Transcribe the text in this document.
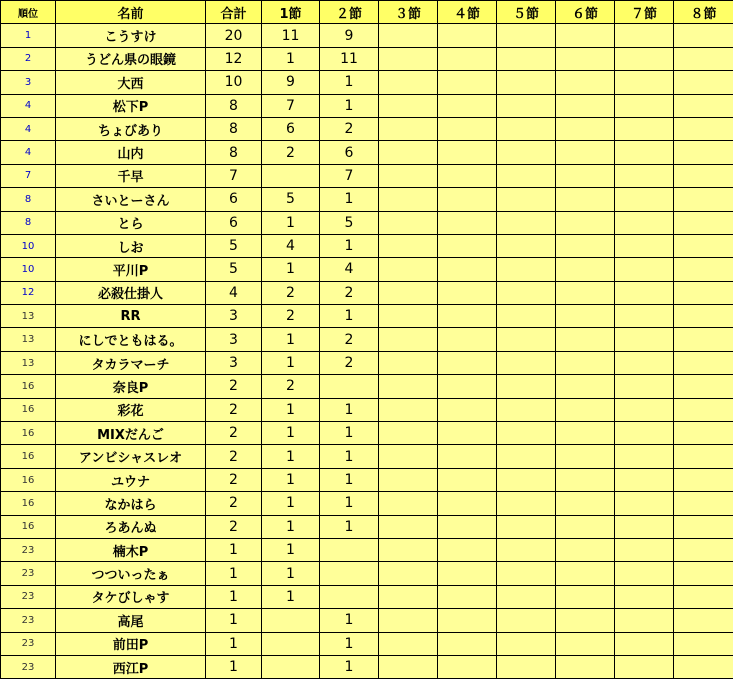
順位	名前	合計	1節	２節	３節	４節	５節	６節	７節	８節
1	こうすけ	20	11	9						
2	うどん県の眼鏡	12	1	11						
3	大西	10	9	1						
4	松下P	8	7	1						
4	ちょびあり	8	6	2						
4	山内	8	2	6						
7	千早	7		7						
8	さいとーさん	6	5	1						
8	とら	6	1	5						
10	しお	5	4	1						
10	平川P	5	1	4						
12	必殺仕掛人	4	2	2						
13	RR	3	2	1						
13	にしでともはる。	3	1	2						
13	タカラマーチ	3	1	2						
16	奈良P	2	2							
16	彩花	2	1	1						
16	MIXだんご	2	1	1						
16	アンビシャスレオ	2	1	1						
16	ユウナ	2	1	1						
16	なかはら	2	1	1						
16	ろあんぬ	2	1	1						
23	楠木P	1	1							
23	つついったぁ	1	1							
23	タケびしゃす	1	1							
23	高尾	1		1						
23	前田P	1		1						
23	西江P	1		1						
